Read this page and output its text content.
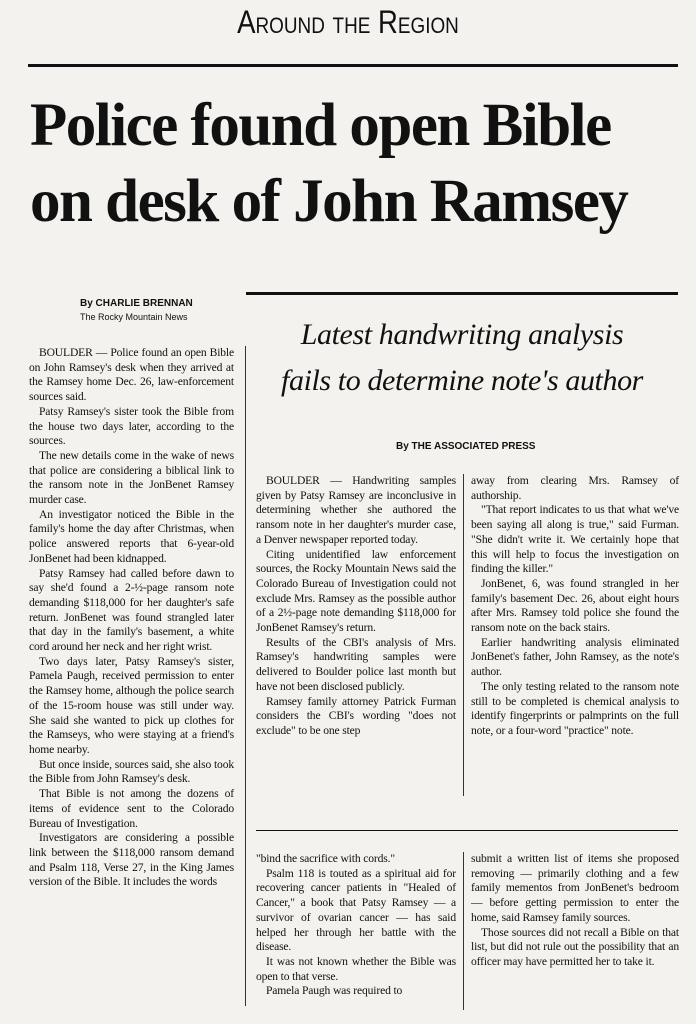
Around the Region
Police found open Bible
on desk of John Ramsey
By CHARLIE BRENNAN
The Rocky Mountain News
Latest handwriting analysis
fails to determine note's author
By THE ASSOCIATED PRESS

BOULDER — Police found an open Bible on John Ramsey's desk when they arrived at the Ramsey home Dec. 26, law-enforcement sources said.

Patsy Ramsey's sister took the Bible from the house two days later, according to the sources.

The new details come in the wake of news that police are considering a biblical link to the ransom note in the JonBenet Ramsey murder case.

An investigator noticed the Bible in the family's home the day after Christmas, when police answered reports that 6-year-old JonBenet had been kidnapped.

Patsy Ramsey had called before dawn to say she'd found a 2-½-page ransom note demanding $118,000 for her daughter's safe return. JonBenet was found strangled later that day in the family's basement, a white cord around her neck and her right wrist.

Two days later, Patsy Ramsey's sister, Pamela Paugh, received permission to enter the Ramsey home, although the police search of the 15-room house was still under way. She said she wanted to pick up clothes for the Ramseys, who were staying at a friend's home nearby.

But once inside, sources said, she also took the Bible from John Ramsey's desk.

That Bible is not among the dozens of items of evidence sent to the Colorado Bureau of Investigation.

Investigators are considering a possible link between the $118,000 ransom demand and Psalm 118, Verse 27, in the King James version of the Bible. It includes the words

BOULDER — Handwriting samples given by Patsy Ramsey are inconclusive in determining whether she authored the ransom note in her daughter's murder case, a Denver newspaper reported today.

Citing unidentified law enforcement sources, the Rocky Mountain News said the Colorado Bureau of Investigation could not exclude Mrs. Ramsey as the possible author of a 2½-page note demanding $118,000 for JonBenet Ramsey's return.

Results of the CBI's analysis of Mrs. Ramsey's handwriting samples were delivered to Boulder police last month but have not been disclosed publicly.

Ramsey family attorney Patrick Furman considers the CBI's wording "does not exclude" to be one step

away from clearing Mrs. Ramsey of authorship.

"That report indicates to us that what we've been saying all along is true," said Furman. "She didn't write it. We certainly hope that this will help to focus the investigation on finding the killer."

JonBenet, 6, was found strangled in her family's basement Dec. 26, about eight hours after Mrs. Ramsey told police she found the ransom note on the back stairs.

Earlier handwriting analysis eliminated JonBenet's father, John Ramsey, as the note's author.

The only testing related to the ransom note still to be completed is chemical analysis to identify fingerprints or palmprints on the full note, or a four-word "practice" note.

"bind the sacrifice with cords."

Psalm 118 is touted as a spiritual aid for recovering cancer patients in "Healed of Cancer," a book that Patsy Ramsey — a survivor of ovarian cancer — has said helped her through her battle with the disease.

It was not known whether the Bible was open to that verse.

Pamela Paugh was required to

submit a written list of items she proposed removing — primarily clothing and a few family mementos from JonBenet's bedroom — before getting permission to enter the home, said Ramsey family sources.

Those sources did not recall a Bible on that list, but did not rule out the possibility that an officer may have permitted her to take it.
